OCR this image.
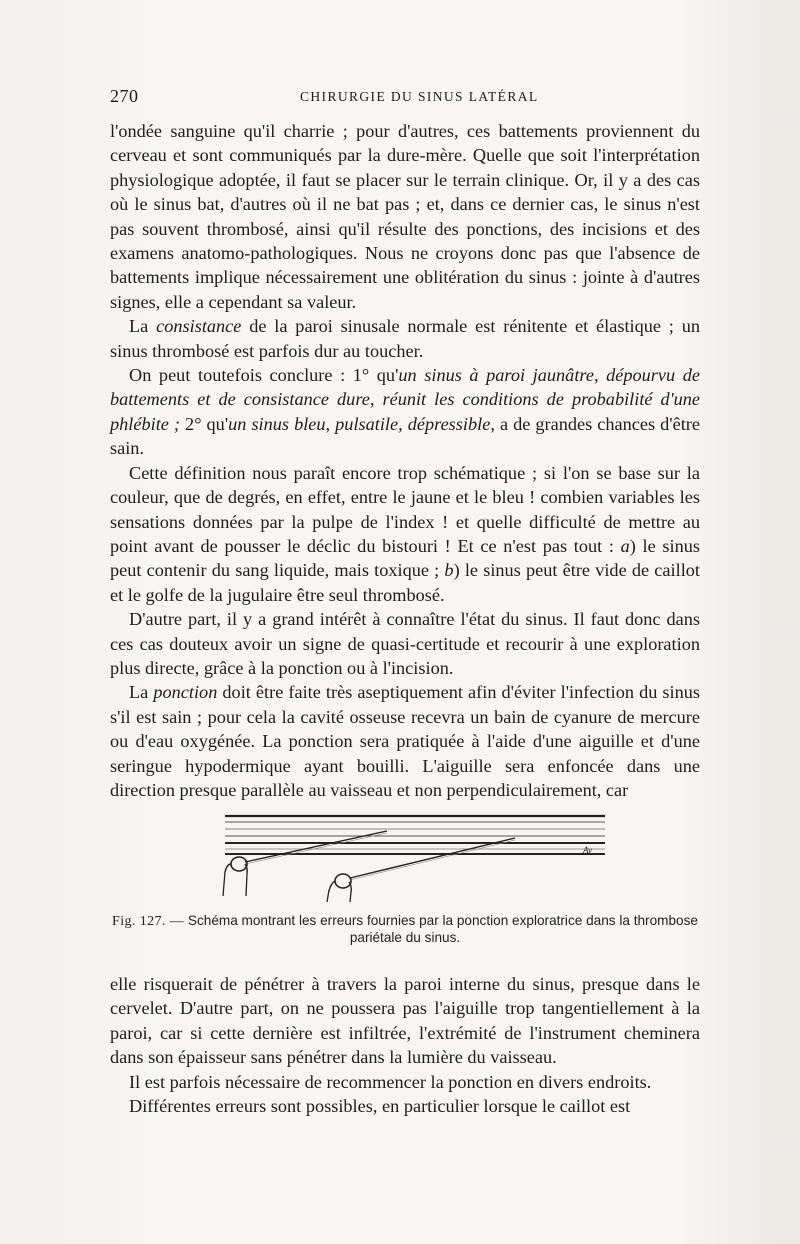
270	CHIRURGIE DU SINUS LATÉRAL

l'ondée sanguine qu'il charrie ; pour d'autres, ces battements proviennent du cerveau et sont communiqués par la dure-mère. Quelle que soit l'interprétation physiologique adoptée, il faut se placer sur le terrain clinique. Or, il y a des cas où le sinus bat, d'autres où il ne bat pas ; et, dans ce dernier cas, le sinus n'est pas souvent thrombosé, ainsi qu'il résulte des ponctions, des incisions et des examens anatomo-pathologiques. Nous ne croyons donc pas que l'absence de battements implique nécessairement une oblitération du sinus : jointe à d'autres signes, elle a cependant sa valeur.

La consistance de la paroi sinusale normale est rénitente et élastique ; un sinus thrombosé est parfois dur au toucher.

On peut toutefois conclure : 1° qu'un sinus à paroi jaunâtre, dépourvu de battements et de consistance dure, réunit les conditions de probabilité d'une phlébite ; 2° qu'un sinus bleu, pulsatile, dépressible, a de grandes chances d'être sain.

Cette définition nous paraît encore trop schématique ; si l'on se base sur la couleur, que de degrés, en effet, entre le jaune et le bleu ! combien variables les sensations données par la pulpe de l'index ! et quelle difficulté de mettre au point avant de pousser le déclic du bistouri ! Et ce n'est pas tout : a) le sinus peut contenir du sang liquide, mais toxique ; b) le sinus peut être vide de caillot et le golfe de la jugulaire être seul thrombosé.

D'autre part, il y a grand intérêt à connaître l'état du sinus. Il faut donc dans ces cas douteux avoir un signe de quasi-certitude et recourir à une exploration plus directe, grâce à la ponction ou à l'incision.

La ponction doit être faite très aseptiquement afin d'éviter l'infection du sinus s'il est sain ; pour cela la cavité osseuse recevra un bain de cyanure de mercure ou d'eau oxygénée. La ponction sera pratiquée à l'aide d'une aiguille et d'une seringue hypodermique ayant bouilli. L'aiguille sera enfoncée dans une direction presque parallèle au vaisseau et non perpendiculairement, car

Av
Fig. 127. — Schéma montrant les erreurs fournies par la ponction exploratrice dans la thrombose pariétale du sinus.

elle risquerait de pénétrer à travers la paroi interne du sinus, presque dans le cervelet. D'autre part, on ne poussera pas l'aiguille trop tangentiellement à la paroi, car si cette dernière est infiltrée, l'extrémité de l'instrument cheminera dans son épaisseur sans pénétrer dans la lumière du vaisseau.

Il est parfois nécessaire de recommencer la ponction en divers endroits.

Différentes erreurs sont possibles, en particulier lorsque le caillot est
